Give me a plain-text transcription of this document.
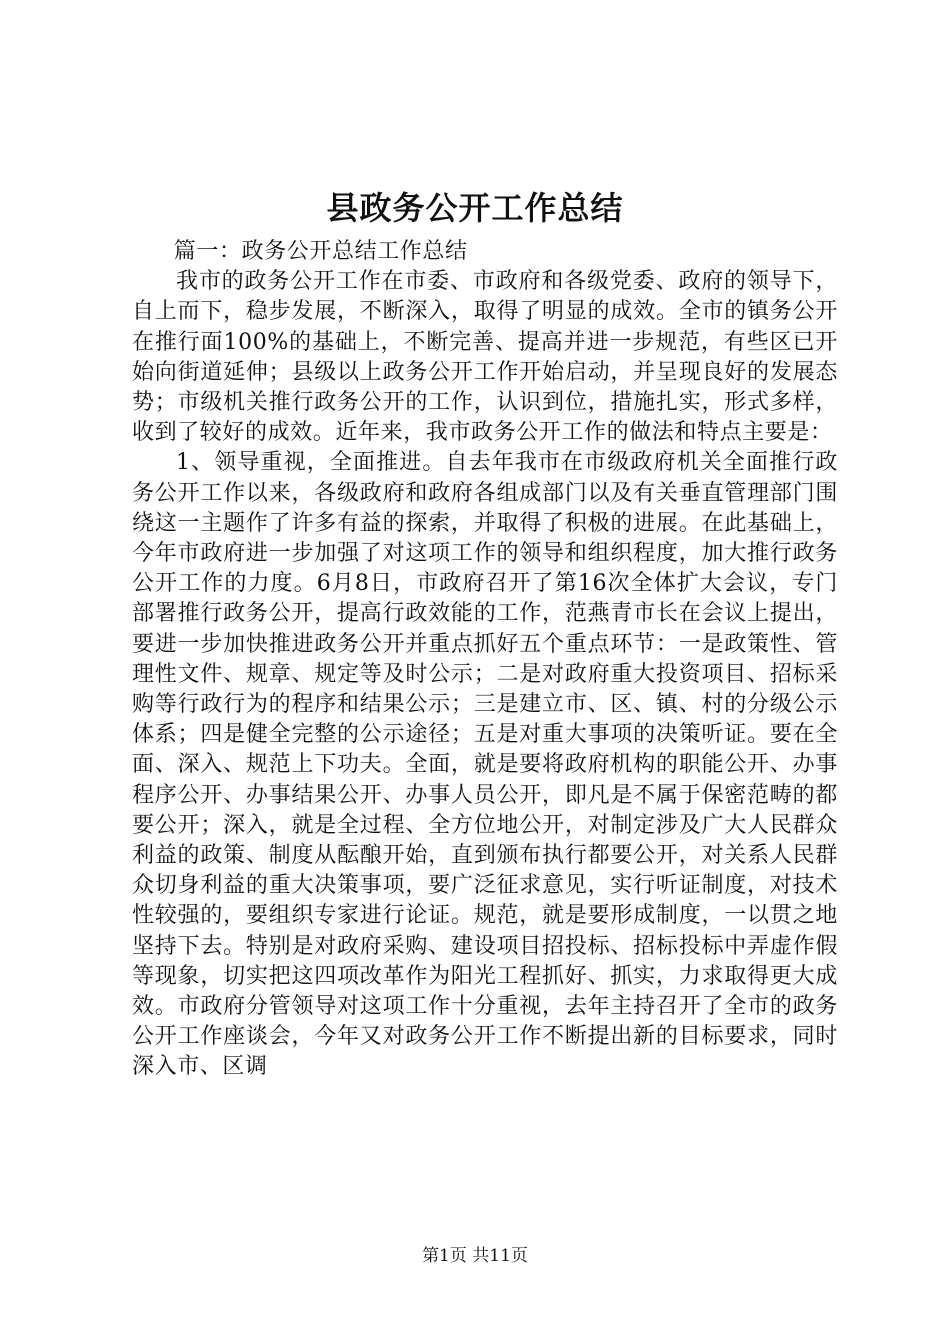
县政务公开工作总结

篇一：政务公开总结工作总结

我市的政务公开工作在市委、市政府和各级党委、政府的领导下，自上而下，稳步发展，不断深入，取得了明显的成效。全市的镇务公开在推行面100%的基础上，不断完善、提高并进一步规范，有些区已开始向街道延伸；县级以上政务公开工作开始启动，并呈现良好的发展态势；市级机关推行政务公开的工作，认识到位，措施扎实，形式多样，收到了较好的成效。近年来，我市政务公开工作的做法和特点主要是：

1、领导重视，全面推进。自去年我市在市级政府机关全面推行政务公开工作以来，各级政府和政府各组成部门以及有关垂直管理部门围绕这一主题作了许多有益的探索，并取得了积极的进展。在此基础上，今年市政府进一步加强了对这项工作的领导和组织程度，加大推行政务公开工作的力度。6月8日，市政府召开了第16次全体扩大会议，专门部署推行政务公开，提高行政效能的工作，范燕青市长在会议上提出，要进一步加快推进政务公开并重点抓好五个重点环节：一是政策性、管理性文件、规章、规定等及时公示；二是对政府重大投资项目、招标采购等行政行为的程序和结果公示；三是建立市、区、镇、村的分级公示体系；四是健全完整的公示途径；五是对重大事项的决策听证。要在全面、深入、规范上下功夫。全面，就是要将政府机构的职能公开、办事程序公开、办事结果公开、办事人员公开，即凡是不属于保密范畴的都要公开；深入，就是全过程、全方位地公开，对制定涉及广大人民群众利益的政策、制度从酝酿开始，直到颁布执行都要公开，对关系人民群众切身利益的重大决策事项，要广泛征求意见，实行听证制度，对技术性较强的，要组织专家进行论证。规范，就是要形成制度，一以贯之地坚持下去。特别是对政府采购、建设项目招投标、招标投标中弄虚作假等现象，切实把这四项改革作为阳光工程抓好、抓实，力求取得更大成效。市政府分管领导对这项工作十分重视，去年主持召开了全市的政务公开工作座谈会，今年又对政务公开工作不断提出新的目标要求，同时深入市、区调

第1页 共11页
